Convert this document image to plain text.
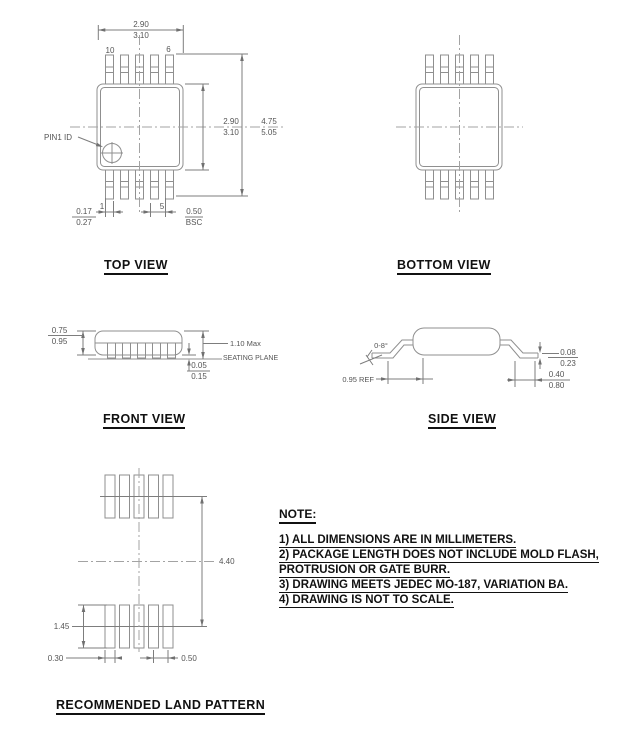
2.90
3.10
2.90
3.10
4.75
5.05
0.17
0.27
0.50
BSC
10	6
1	5
PIN1 ID
0.75
0.95	1.10 Max
SEATING PLANE
0.05
0.15
0-8°
0.95 REF
0.08
0.23
0.40
0.80
4.40
1.45
0.30	0.50
TOP VIEW	BOTTOM VIEW
FRONT VIEW	SIDE VIEW
RECOMMENDED LAND PATTERN
NOTE:
1) ALL DIMENSIONS ARE IN MILLIMETERS.
2) PACKAGE LENGTH DOES NOT INCLUDE MOLD FLASH,
PROTRUSION OR GATE BURR.
3) DRAWING MEETS JEDEC MO-187, VARIATION BA.
4) DRAWING IS NOT TO SCALE.
